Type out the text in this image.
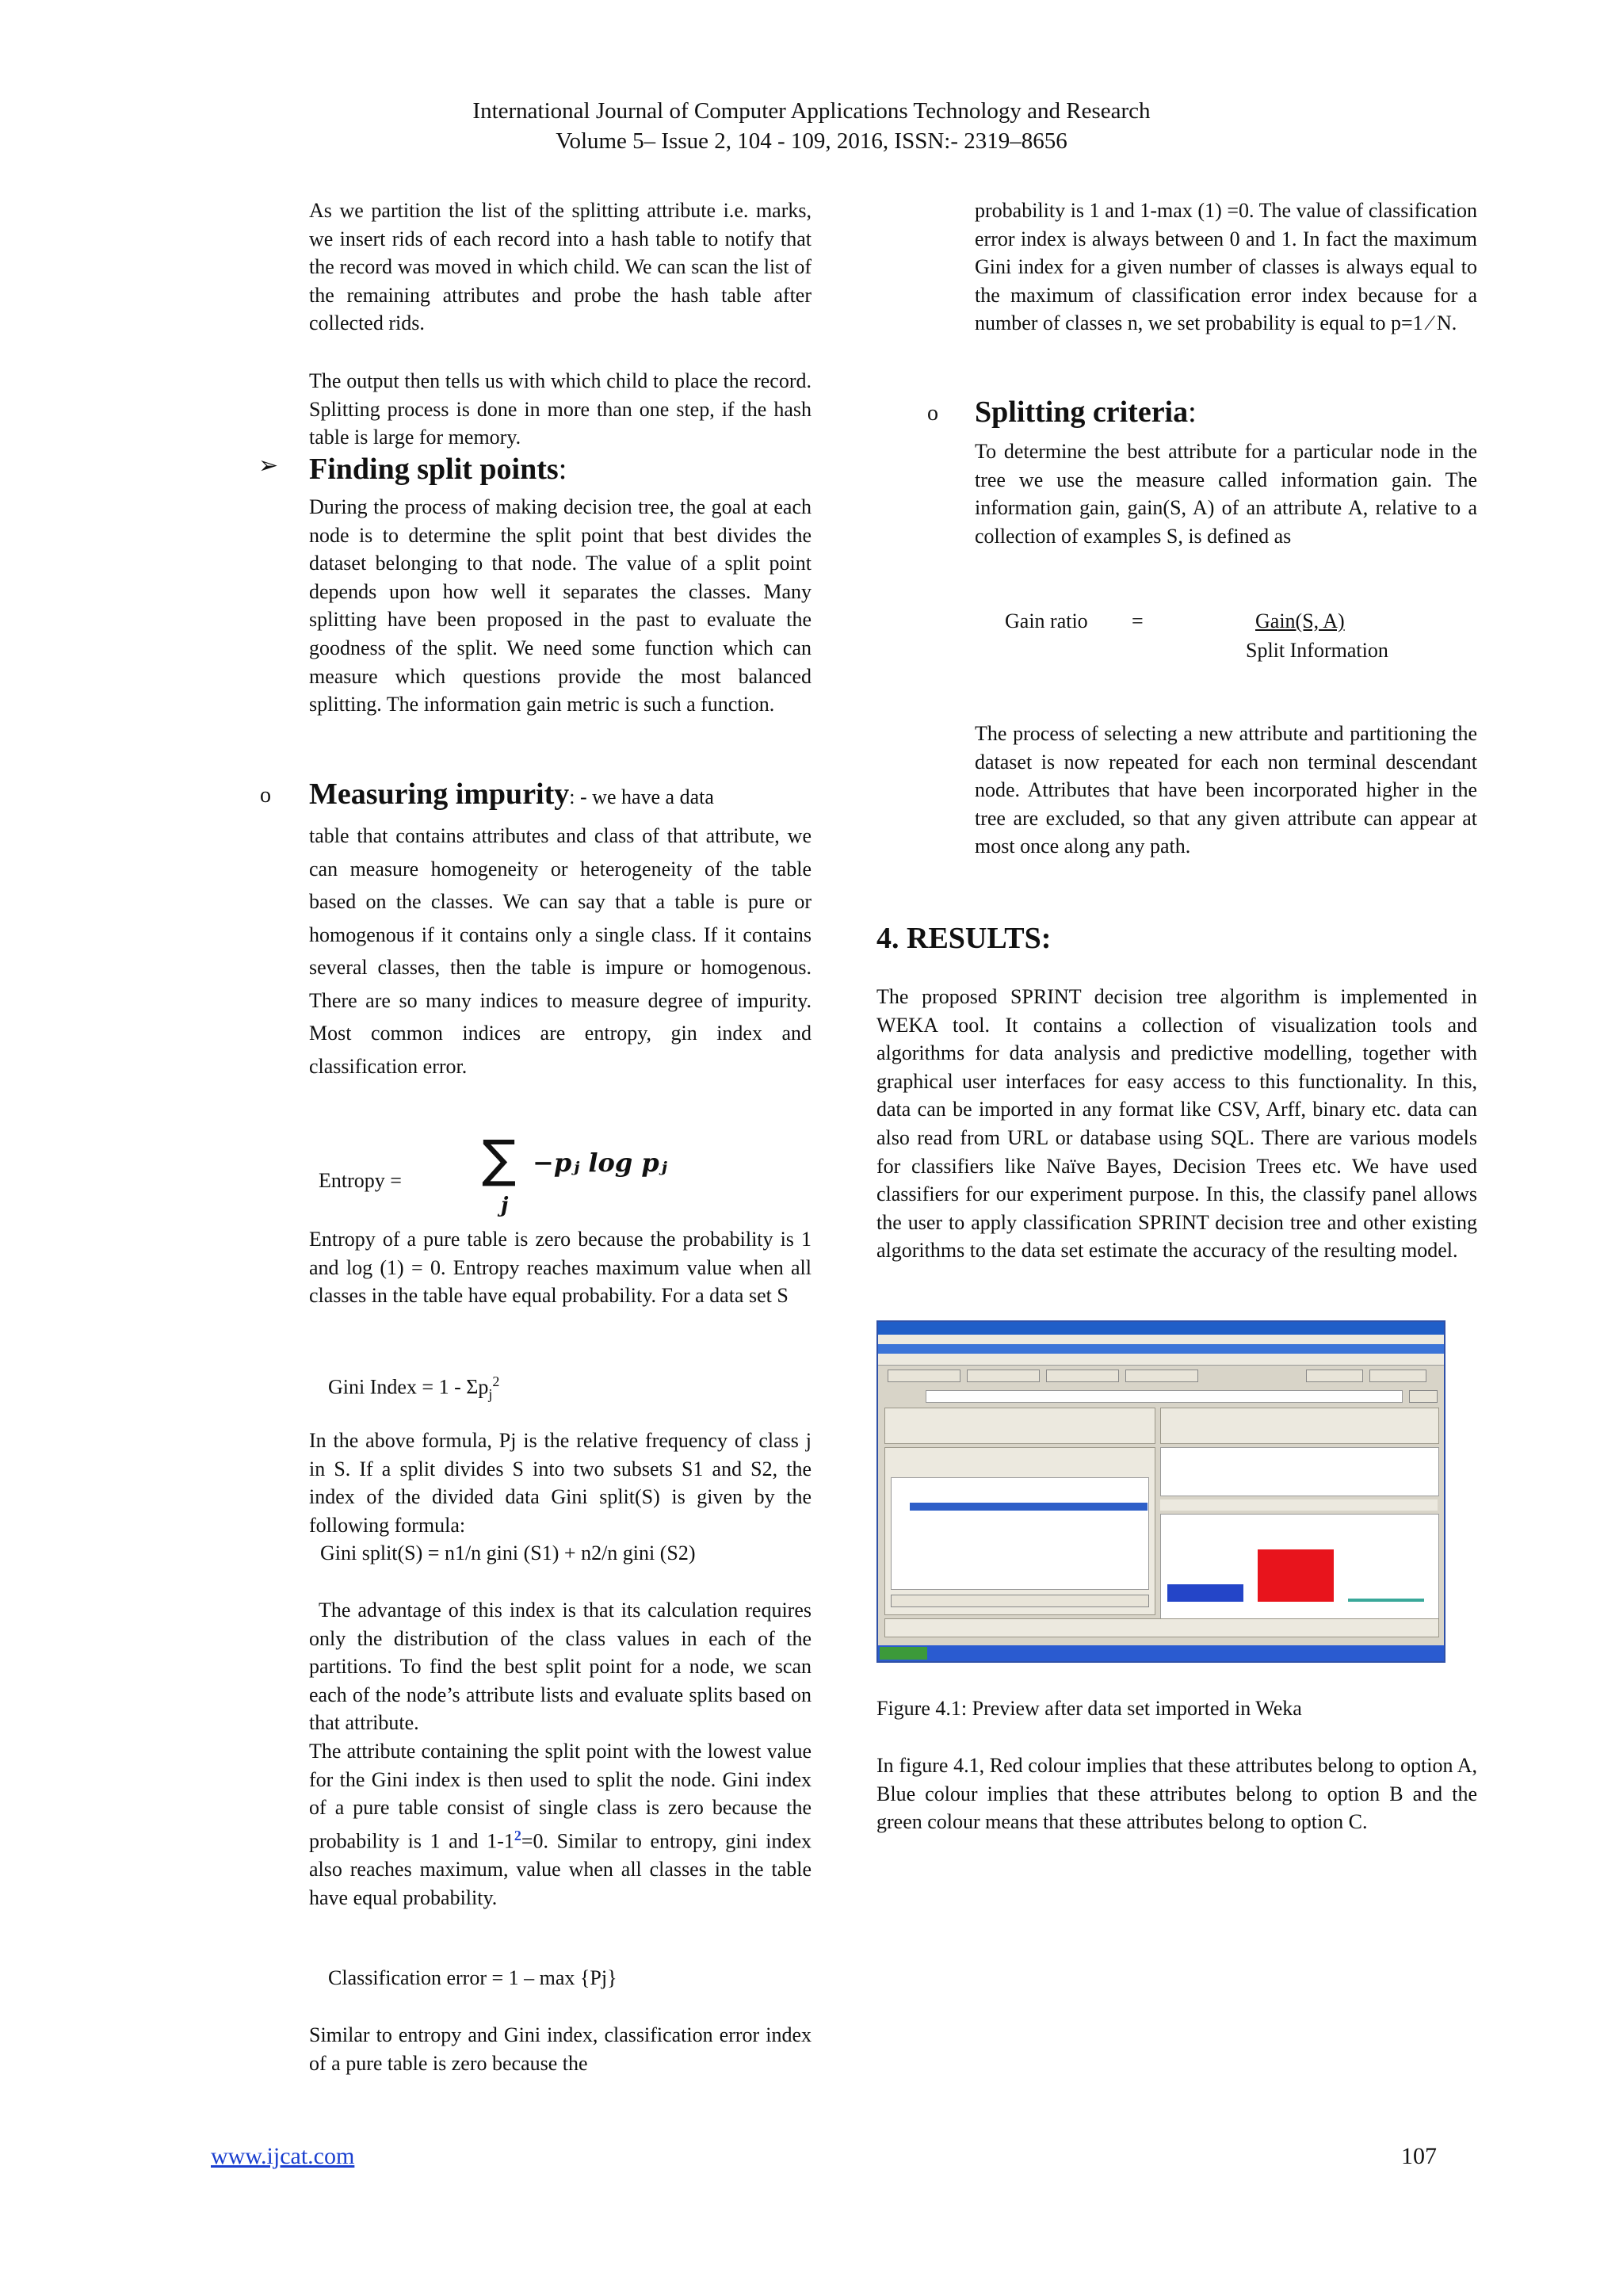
International Journal of Computer Applications Technology and Research
Volume 5– Issue 2, 104 - 109, 2016, ISSN:- 2319–8656
As we partition the list of the splitting attribute i.e. marks, we insert rids of each record into a hash table to notify that the record was moved in which child. We can scan the list of the remaining attributes and probe the hash table after collected rids.
The output then tells us with which child to place the record. Splitting process is done in more than one step, if the hash table is large for memory.
➢ Finding split points:
During the process of making decision tree, the goal at each node is to determine the split point that best divides the dataset belonging to that node. The value of a split point depends upon how well it separates the classes. Many splitting have been proposed in the past to evaluate the goodness of the split. We need some function which can measure which questions provide the most balanced splitting. The information gain metric is such a function.
o Measuring impurity: - we have a data
table that contains attributes and class of that attribute, we can measure homogeneity or heterogeneity of the table based on the classes. We can say that a table is pure or homogenous if it contains only a single class. If it contains several classes, then the table is impure or homogenous. There are so many indices to measure degree of impurity. Most common indices are entropy, gin index and classification error.
Entropy = ∑
j
−pⱼ log pⱼ
Entropy of a pure table is zero because the probability is 1 and log (1) = 0. Entropy reaches maximum value when all classes in the table have equal probability. For a data set S
Gini Index = $1 - \Sigma p_j^2$
In the above formula, Pj is the relative frequency of class j in S. If a split divides S into two subsets S1 and S2, the index of the divided data Gini split(S) is given by the following formula:
Gini split(S) = n1/n gini (S1) + n2/n gini (S2)
The advantage of this index is that its calculation requires only the distribution of the class values in each of the partitions. To find the best split point for a node, we scan each of the node’s attribute lists and evaluate splits based on that attribute.
The attribute containing the split point with the lowest value for the Gini index is then used to split the node. Gini index of a pure table consist of single class is zero because the probability is 1 and $1-1^2=0$. Similar to entropy, gini index also reaches maximum, value when all classes in the table have equal probability.
Classification error = 1 – max {Pj}
Similar to entropy and Gini index, classification error index of a pure table is zero because the
probability is 1 and 1-max (1) =0. The value of classification error index is always between 0 and 1. In fact the maximum Gini index for a given number of classes is always equal to the maximum of classification error index because for a number of classes n, we set probability is equal to p=1 ⁄ N.
o Splitting criteria:
To determine the best attribute for a particular node in the tree we use the measure called information gain. The information gain, gain(S, A) of an attribute A, relative to a collection of examples S, is defined as
Gain ratio =	Gain(S, A)
Split Information
The process of selecting a new attribute and partitioning the dataset is now repeated for each non terminal descendant node. Attributes that have been incorporated higher in the tree are excluded, so that any given attribute can appear at most once along any path.
4. RESULTS:
The proposed SPRINT decision tree algorithm is implemented in WEKA tool. It contains a collection of visualization tools and algorithms for data analysis and predictive modelling, together with graphical user interfaces for easy access to this functionality. In this, data can be imported in any format like CSV, Arff, binary etc. data can also read from URL or database using SQL. There are various models for classifiers like Naïve Bayes, Decision Trees etc. We have used classifiers for our experiment purpose. In this, the classify panel allows the user to apply classification SPRINT decision tree and other existing algorithms to the data set estimate the accuracy of the resulting model.
Figure 4.1: Preview after data set imported in Weka
In figure 4.1, Red colour implies that these attributes belong to option A, Blue colour implies that these attributes belong to option B and the green colour means that these attributes belong to option C.
www.ijcat.com	107
